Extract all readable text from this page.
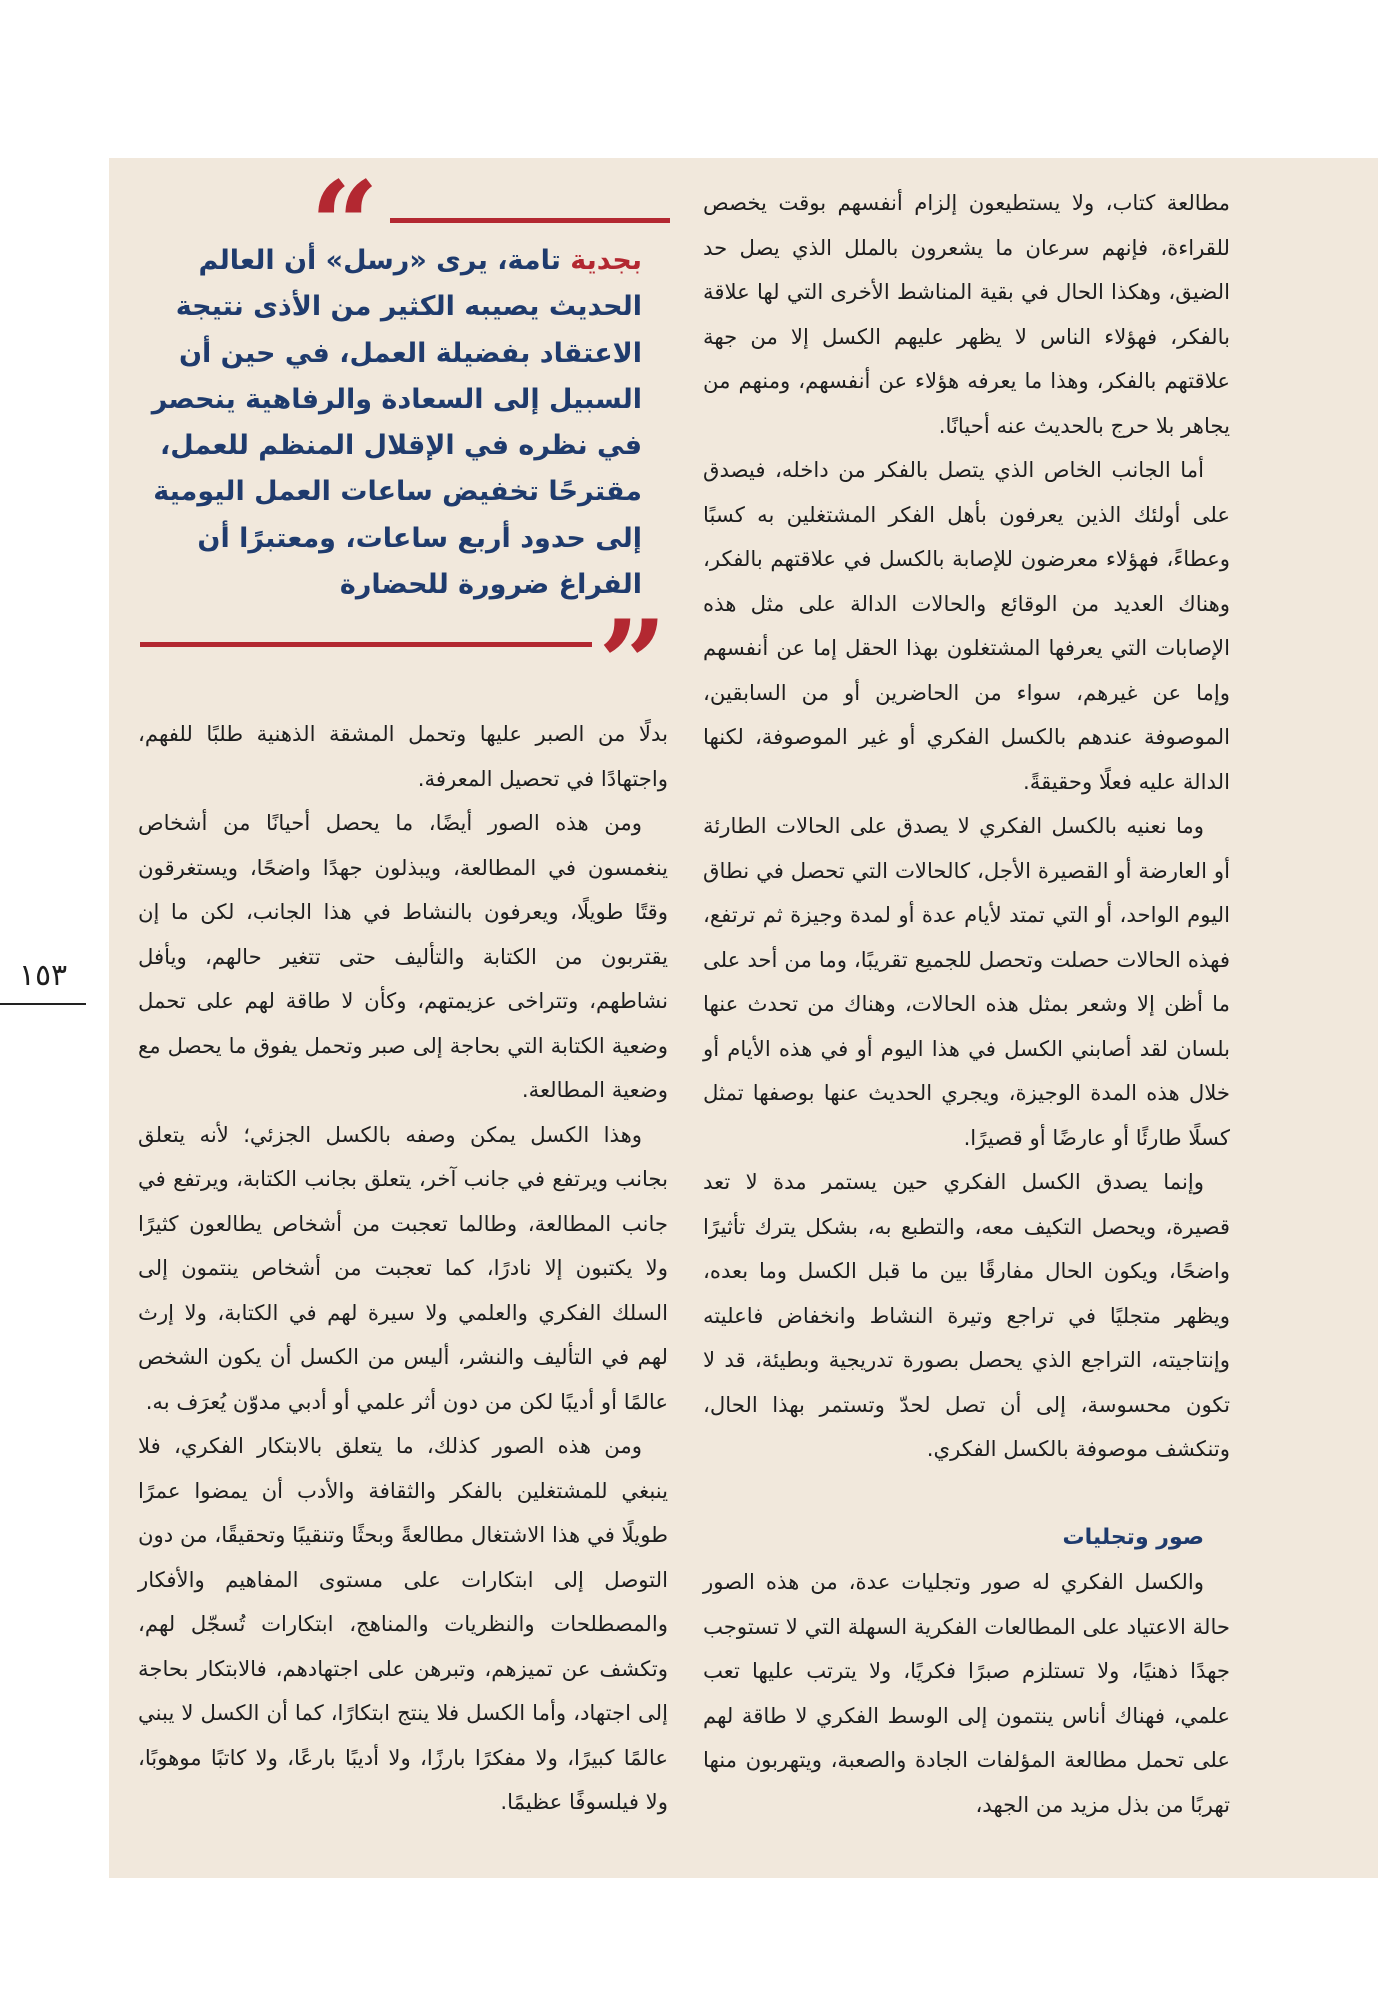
“	بجدية تامة، يرى «رسل» أن العالم الحديث يصيبه الكثير من الأذى نتيجة الاعتقاد بفضيلة العمل، في حين أن السبيل إلى السعادة والرفاهية ينحصر في نظره في الإقلال المنظم للعمل، مقترحًا تخفيض ساعات العمل اليومية إلى حدود أربع ساعات، ومعتبرًا أن الفراغ ضرورة للحضارة
”

مطالعة كتاب، ولا يستطيعون إلزام أنفسهم بوقت يخصص للقراءة، فإنهم سرعان ما يشعرون بالملل الذي يصل حد الضيق، وهكذا الحال في بقية المناشط الأخرى التي لها علاقة بالفكر، فهؤلاء الناس لا يظهر عليهم الكسل إلا من جهة علاقتهم بالفكر، وهذا ما يعرفه هؤلاء عن أنفسهم، ومنهم من يجاهر بلا حرج بالحديث عنه أحيانًا.

أما الجانب الخاص الذي يتصل بالفكر من داخله، فيصدق على أولئك الذين يعرفون بأهل الفكر المشتغلين به كسبًا وعطاءً، فهؤلاء معرضون للإصابة بالكسل في علاقتهم بالفكر، وهناك العديد من الوقائع والحالات الدالة على مثل هذه الإصابات التي يعرفها المشتغلون بهذا الحقل إما عن أنفسهم وإما عن غيرهم، سواء من الحاضرين أو من السابقين، الموصوفة عندهم بالكسل الفكري أو غير الموصوفة، لكنها الدالة عليه فعلًا وحقيقةً.

وما نعنيه بالكسل الفكري لا يصدق على الحالات الطارئة أو العارضة أو القصيرة الأجل، كالحالات التي تحصل في نطاق اليوم الواحد، أو التي تمتد لأيام عدة أو لمدة وجيزة ثم ترتفع، فهذه الحالات حصلت وتحصل للجميع تقريبًا، وما من أحد على ما أظن إلا وشعر بمثل هذه الحالات، وهناك من تحدث عنها بلسان لقد أصابني الكسل في هذا اليوم أو في هذه الأيام أو خلال هذه المدة الوجيزة، ويجري الحديث عنها بوصفها تمثل كسلًا طارئًا أو عارضًا أو قصيرًا.

وإنما يصدق الكسل الفكري حين يستمر مدة لا تعد قصيرة، ويحصل التكيف معه، والتطبع به، بشكل يترك تأثيرًا واضحًا، ويكون الحال مفارقًا بين ما قبل الكسل وما بعده، ويظهر متجليًا في تراجع وتيرة النشاط وانخفاض فاعليته وإنتاجيته، التراجع الذي يحصل بصورة تدريجية وبطيئة، قد لا تكون محسوسة، إلى أن تصل لحدّ وتستمر بهذا الحال، وتنكشف موصوفة بالكسل الفكري.

صور وتجليات

والكسل الفكري له صور وتجليات عدة، من هذه الصور حالة الاعتياد على المطالعات الفكرية السهلة التي لا تستوجب جهدًا ذهنيًا، ولا تستلزم صبرًا فكريًا، ولا يترتب عليها تعب علمي، فهناك أناس ينتمون إلى الوسط الفكري لا طاقة لهم على تحمل مطالعة المؤلفات الجادة والصعبة، ويتهربون منها تهربًا من بذل مزيد من الجهد،

بدلًا من الصبر عليها وتحمل المشقة الذهنية طلبًا للفهم، واجتهادًا في تحصيل المعرفة.

ومن هذه الصور أيضًا، ما يحصل أحيانًا من أشخاص ينغمسون في المطالعة، ويبذلون جهدًا واضحًا، ويستغرقون وقتًا طويلًا، ويعرفون بالنشاط في هذا الجانب، لكن ما إن يقتربون من الكتابة والتأليف حتى تتغير حالهم، ويأفل نشاطهم، وتتراخى عزيمتهم، وكأن لا طاقة لهم على تحمل وضعية الكتابة التي بحاجة إلى صبر وتحمل يفوق ما يحصل مع وضعية المطالعة.

وهذا الكسل يمكن وصفه بالكسل الجزئي؛ لأنه يتعلق بجانب ويرتفع في جانب آخر، يتعلق بجانب الكتابة، ويرتفع في جانب المطالعة، وطالما تعجبت من أشخاص يطالعون كثيرًا ولا يكتبون إلا نادرًا، كما تعجبت من أشخاص ينتمون إلى السلك الفكري والعلمي ولا سيرة لهم في الكتابة، ولا إرث لهم في التأليف والنشر، أليس من الكسل أن يكون الشخص عالمًا أو أديبًا لكن من دون أثر علمي أو أدبي مدوّن يُعرَف به.

ومن هذه الصور كذلك، ما يتعلق بالابتكار الفكري، فلا ينبغي للمشتغلين بالفكر والثقافة والأدب أن يمضوا عمرًا طويلًا في هذا الاشتغال مطالعةً وبحثًا وتنقيبًا وتحقيقًا، من دون التوصل إلى ابتكارات على مستوى المفاهيم والأفكار والمصطلحات والنظريات والمناهج، ابتكارات تُسجّل لهم، وتكشف عن تميزهم، وتبرهن على اجتهادهم، فالابتكار بحاجة إلى اجتهاد، وأما الكسل فلا ينتج ابتكارًا، كما أن الكسل لا يبني عالمًا كبيرًا، ولا مفكرًا بارزًا، ولا أديبًا بارعًا، ولا كاتبًا موهوبًا، ولا فيلسوفًا عظيمًا.

١٥٣
